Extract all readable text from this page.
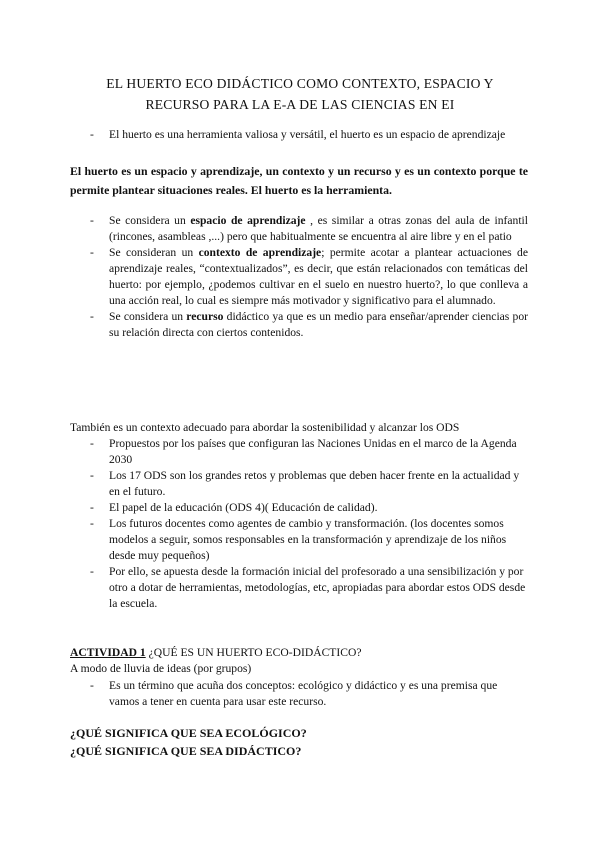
EL HUERTO ECO DIDÁCTICO COMO CONTEXTO, ESPACIO Y
RECURSO PARA LA E-A DE LAS CIENCIAS EN EI
- El huerto es una herramienta valiosa y versátil, el huerto es un espacio de aprendizaje
El huerto es un espacio y aprendizaje, un contexto y un recurso y es un contexto porque te permite plantear situaciones reales. El huerto es la herramienta.
- Se considera un espacio de aprendizaje , es similar a otras zonas del aula de infantil (rincones, asambleas ,...) pero que habitualmente se encuentra al aire libre y en el patio
- Se consideran un contexto de aprendizaje; permite acotar a plantear actuaciones de aprendizaje reales, “contextualizados”, es decir, que están relacionados con temáticas del huerto: por ejemplo, ¿podemos cultivar en el suelo en nuestro huerto?, lo que conlleva a una acción real, lo cual es siempre más motivador y significativo para el alumnado.
- Se considera un recurso didáctico ya que es un medio para enseñar/aprender ciencias por su relación directa con ciertos contenidos.
También es un contexto adecuado para abordar la sostenibilidad y alcanzar los ODS
- Propuestos por los países que configuran las Naciones Unidas en el marco de la Agenda 2030
- Los 17 ODS son los grandes retos y problemas que deben hacer frente en la actualidad y en el futuro.
- El papel de la educación (ODS 4)( Educación de calidad).
- Los futuros docentes como agentes de cambio y transformación. (los docentes somos modelos a seguir, somos responsables en la transformación y aprendizaje de los niños desde muy pequeños)
- Por ello, se apuesta desde la formación inicial del profesorado a una sensibilización y por otro a dotar de herramientas, metodologías, etc, apropiadas para abordar estos ODS desde la escuela.
ACTIVIDAD 1 ¿QUÉ ES UN HUERTO ECO-DIDÁCTICO?
A modo de lluvia de ideas (por grupos)
- Es un término que acuña dos conceptos: ecológico y didáctico y es una premisa que vamos a tener en cuenta para usar este recurso.
¿QUÉ SIGNIFICA QUE SEA ECOLÓGICO?
¿QUÉ SIGNIFICA QUE SEA DIDÁCTICO?
